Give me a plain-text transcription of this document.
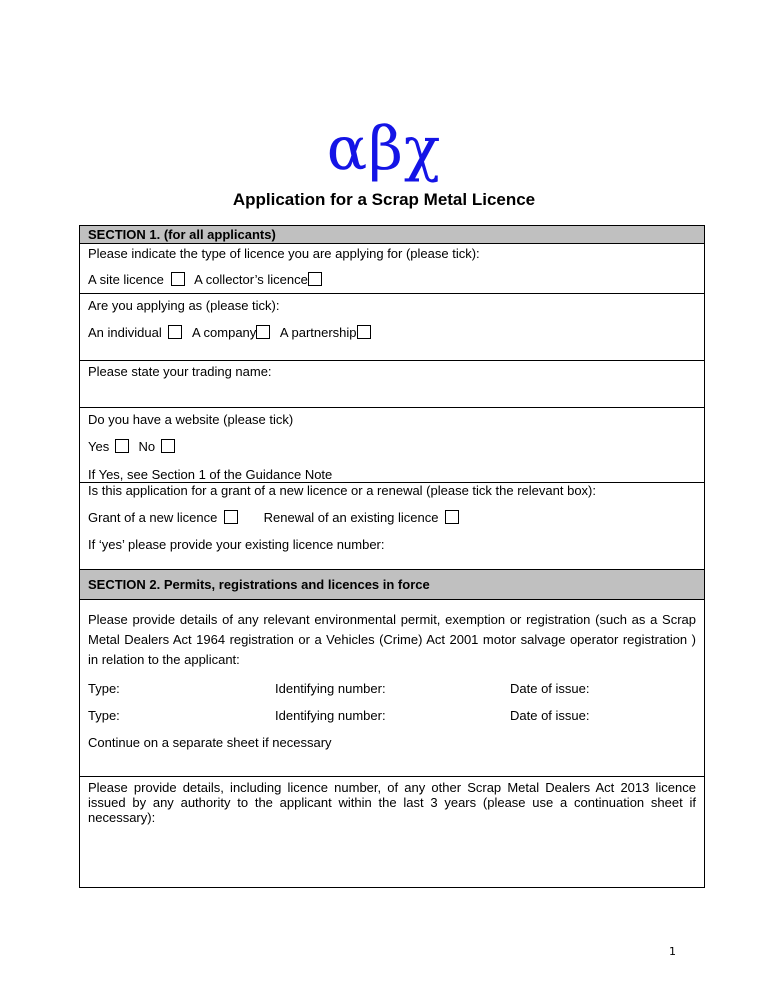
αβχ
Application for a Scrap Metal Licence
SECTION 1. (for all applicants)

Please indicate the type of licence you are applying for (please tick):
A site licence A collector’s licence

Are you applying as (please tick):
An individual A company A partnership

Please state your trading name:

Do you have a website (please tick)
Yes No
If Yes, see Section 1 of the Guidance Note

Is this application for a grant of a new licence or a renewal (please tick the relevant box):
Grant of a new licence	Renewal of an existing licence
If ‘yes’ please provide your existing licence number:

SECTION 2. Permits, registrations and licences in force

Please provide details of any relevant environmental permit, exemption or registration (such as a Scrap Metal Dealers Act 1964 registration or a Vehicles (Crime) Act 2001 motor salvage operator registration ) in relation to the applicant:
Type:	Identifying number:	Date of issue:
Type:	Identifying number:	Date of issue:
Continue on a separate sheet if necessary

Please provide details, including licence number, of any other Scrap Metal Dealers Act 2013 licence issued by any authority to the applicant within the last 3 years (please use a continuation sheet if necessary):
1
